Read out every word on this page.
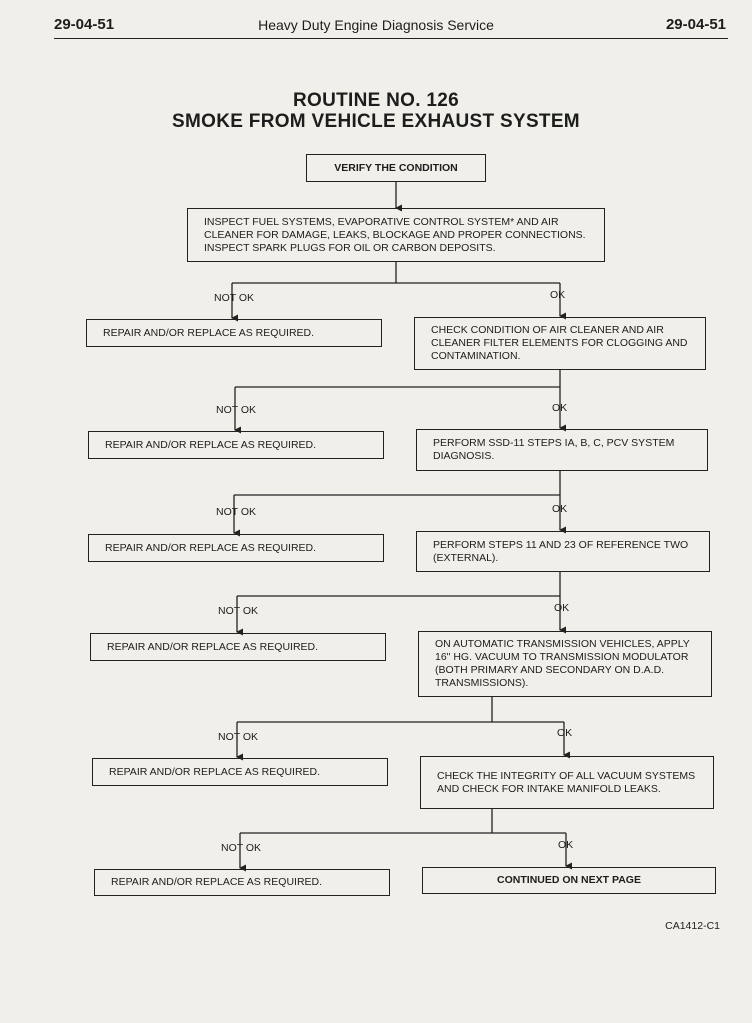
29-04-51	Heavy Duty Engine Diagnosis Service	29-04-51
ROUTINE NO. 126
SMOKE FROM VEHICLE EXHAUST SYSTEM
VERIFY THE CONDITION
INSPECT FUEL SYSTEMS, EVAPORATIVE CONTROL SYSTEM* AND AIR CLEANER FOR DAMAGE, LEAKS, BLOCKAGE AND PROPER CONNECTIONS. INSPECT SPARK PLUGS FOR OIL OR CARBON DEPOSITS.
NOT OK	OK
REPAIR AND/OR REPLACE AS REQUIRED.	CHECK CONDITION OF AIR CLEANER AND AIR CLEANER FILTER ELEMENTS FOR CLOGGING AND CONTAMINATION.
NOT OK	OK
REPAIR AND/OR REPLACE AS REQUIRED.	PERFORM SSD-11 STEPS IA, B, C, PCV SYSTEM DIAGNOSIS.
NOT OK	OK
REPAIR AND/OR REPLACE AS REQUIRED.	PERFORM STEPS 11 AND 23 OF REFERENCE TWO (EXTERNAL).
NOT OK	OK
REPAIR AND/OR REPLACE AS REQUIRED.	ON AUTOMATIC TRANSMISSION VEHICLES, APPLY 16" HG. VACUUM TO TRANSMISSION MODULATOR (BOTH PRIMARY AND SECONDARY ON D.A.D. TRANSMISSIONS).
NOT OK	OK
REPAIR AND/OR REPLACE AS REQUIRED.	CHECK THE INTEGRITY OF ALL VACUUM SYSTEMS AND CHECK FOR INTAKE MANIFOLD LEAKS.
NOT OK	OK
REPAIR AND/OR REPLACE AS REQUIRED.	CONTINUED ON NEXT PAGE
CA1412-C1
